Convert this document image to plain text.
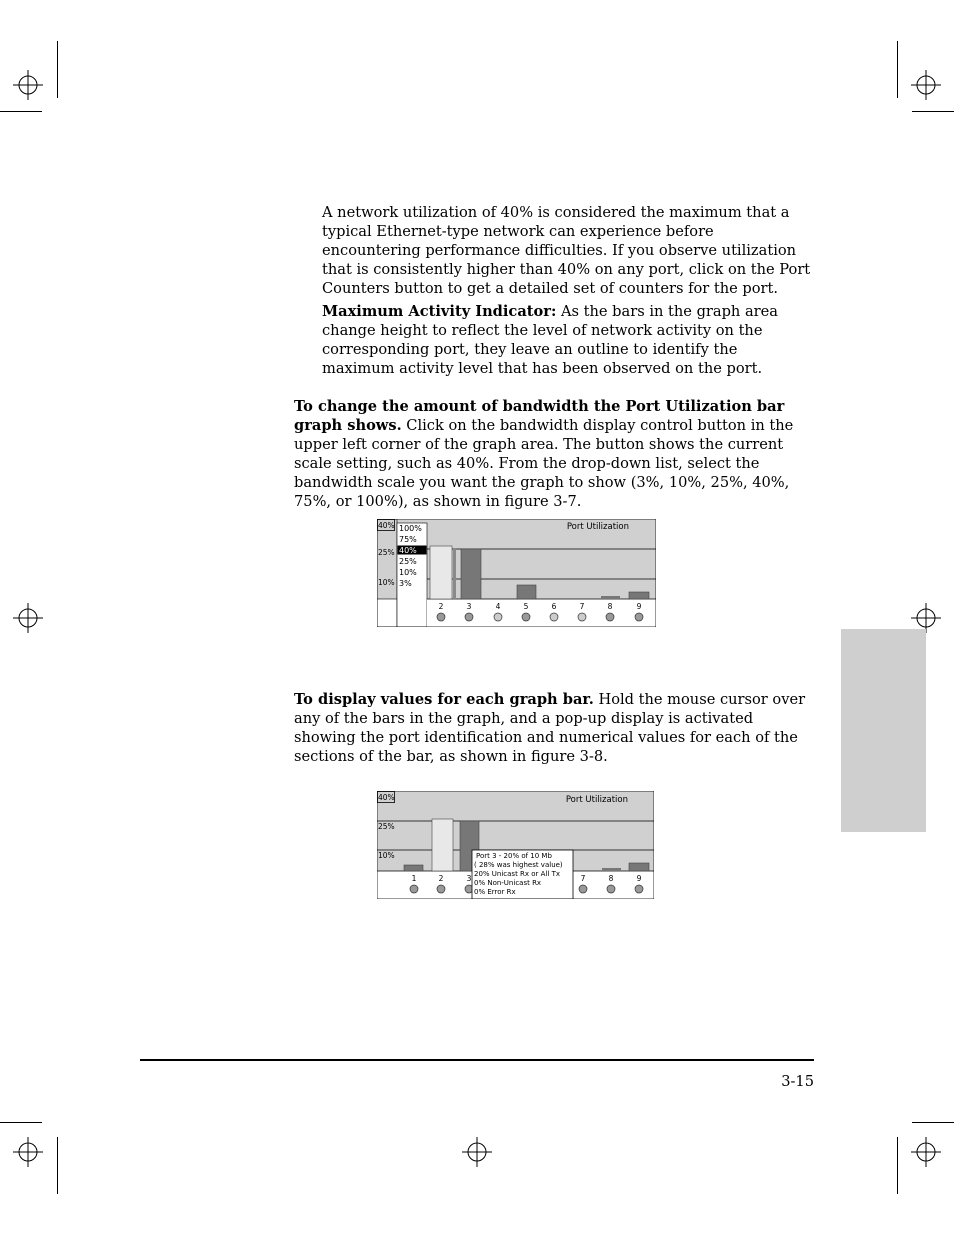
A network utilization of 40% is considered the maximum that a typical Ethernet-type network can experience before encountering performance difficulties. If you observe utilization that is consistently higher than 40% on any port, click on the Port Counters button to get a detailed set of counters for the port.
Maximum Activity Indicator: As the bars in the graph area change height to reflect the level of network activity on the corresponding port, they leave an outline to identify the maximum activity level that has been observed on the port.
To change the amount of bandwidth the Port Utilization bar graph shows. Click on the bandwidth display control button in the upper left corner of the graph area. The button shows the current scale setting, such as 40%. From the drop-down list, select the bandwidth scale you want the graph to show (3%, 10%, 25%, 40%, 75%, or 100%), as shown in figure 3-7.
40%
25%
10%
100%
75%
40%
25%
10%
3%
Port Utilization
2	3	4	5	6	7	8	9
To display values for each graph bar. Hold the mouse cursor over any of the bars in the graph, and a pop-up display is activated showing the port identification and numerical values for each of the sections of the bar, as shown in figure 3-8.
40%
25%
10%
Port Utilization
1	2	3	7	8	9
Port 3 - 20% of 10 Mb
( 28% was highest value)
20% Unicast Rx or All Tx
0% Non-Unicast Rx
0% Error Rx
3-15
